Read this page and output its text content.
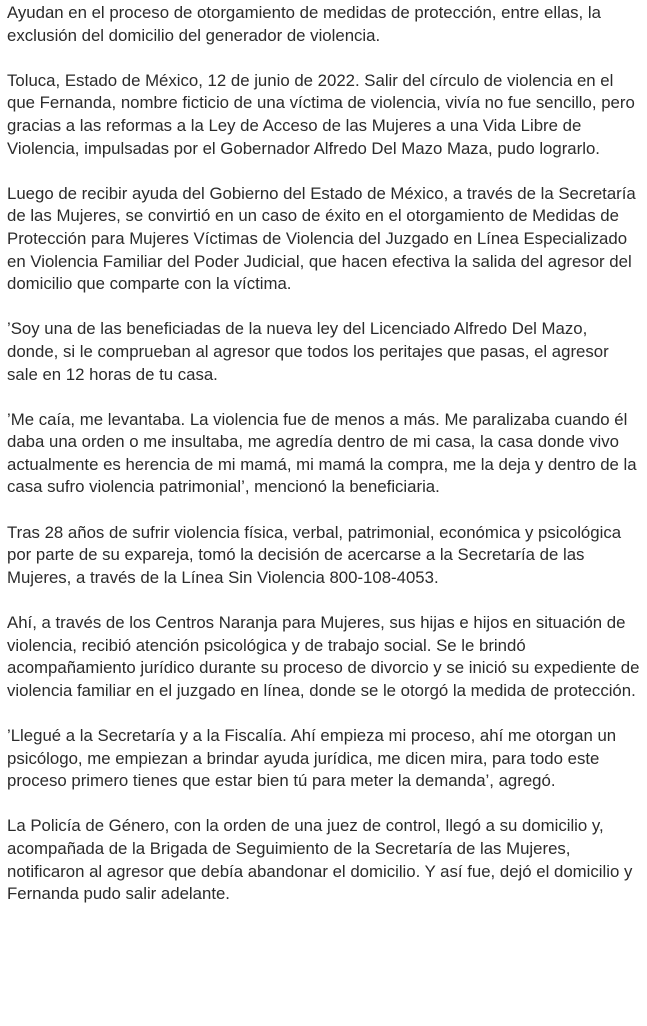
Ayudan en el proceso de otorgamiento de medidas de protección, entre ellas, la exclusión del domicilio del generador de violencia.

Toluca, Estado de México, 12 de junio de 2022. Salir del círculo de violencia en el que Fernanda, nombre ficticio de una víctima de violencia, vivía no fue sencillo, pero gracias a las reformas a la Ley de Acceso de las Mujeres a una Vida Libre de Violencia, impulsadas por el Gobernador Alfredo Del Mazo Maza, pudo lograrlo.

Luego de recibir ayuda del Gobierno del Estado de México, a través de la Secretaría de las Mujeres, se convirtió en un caso de éxito en el otorgamiento de Medidas de Protección para Mujeres Víctimas de Violencia del Juzgado en Línea Especializado en Violencia Familiar del Poder Judicial, que hacen efectiva la salida del agresor del domicilio que comparte con la víctima.

’Soy una de las beneficiadas de la nueva ley del Licenciado Alfredo Del Mazo, donde, si le comprueban al agresor que todos los peritajes que pasas, el agresor sale en 12 horas de tu casa.

’Me caía, me levantaba. La violencia fue de menos a más. Me paralizaba cuando él daba una orden o me insultaba, me agredía dentro de mi casa, la casa donde vivo actualmente es herencia de mi mamá, mi mamá la compra, me la deja y dentro de la casa sufro violencia patrimonial’, mencionó la beneficiaria.

Tras 28 años de sufrir violencia física, verbal, patrimonial, económica y psicológica por parte de su expareja, tomó la decisión de acercarse a la Secretaría de las Mujeres, a través de la Línea Sin Violencia 800-108-4053.

Ahí, a través de los Centros Naranja para Mujeres, sus hijas e hijos en situación de violencia, recibió atención psicológica y de trabajo social. Se le brindó acompañamiento jurídico durante su proceso de divorcio y se inició su expediente de violencia familiar en el juzgado en línea, donde se le otorgó la medida de protección.

’Llegué a la Secretaría y a la Fiscalía. Ahí empieza mi proceso, ahí me otorgan un psicólogo, me empiezan a brindar ayuda jurídica, me dicen mira, para todo este proceso primero tienes que estar bien tú para meter la demanda’, agregó.

La Policía de Género, con la orden de una juez de control, llegó a su domicilio y, acompañada de la Brigada de Seguimiento de la Secretaría de las Mujeres, notificaron al agresor que debía abandonar el domicilio. Y así fue, dejó el domicilio y Fernanda pudo salir adelante.
